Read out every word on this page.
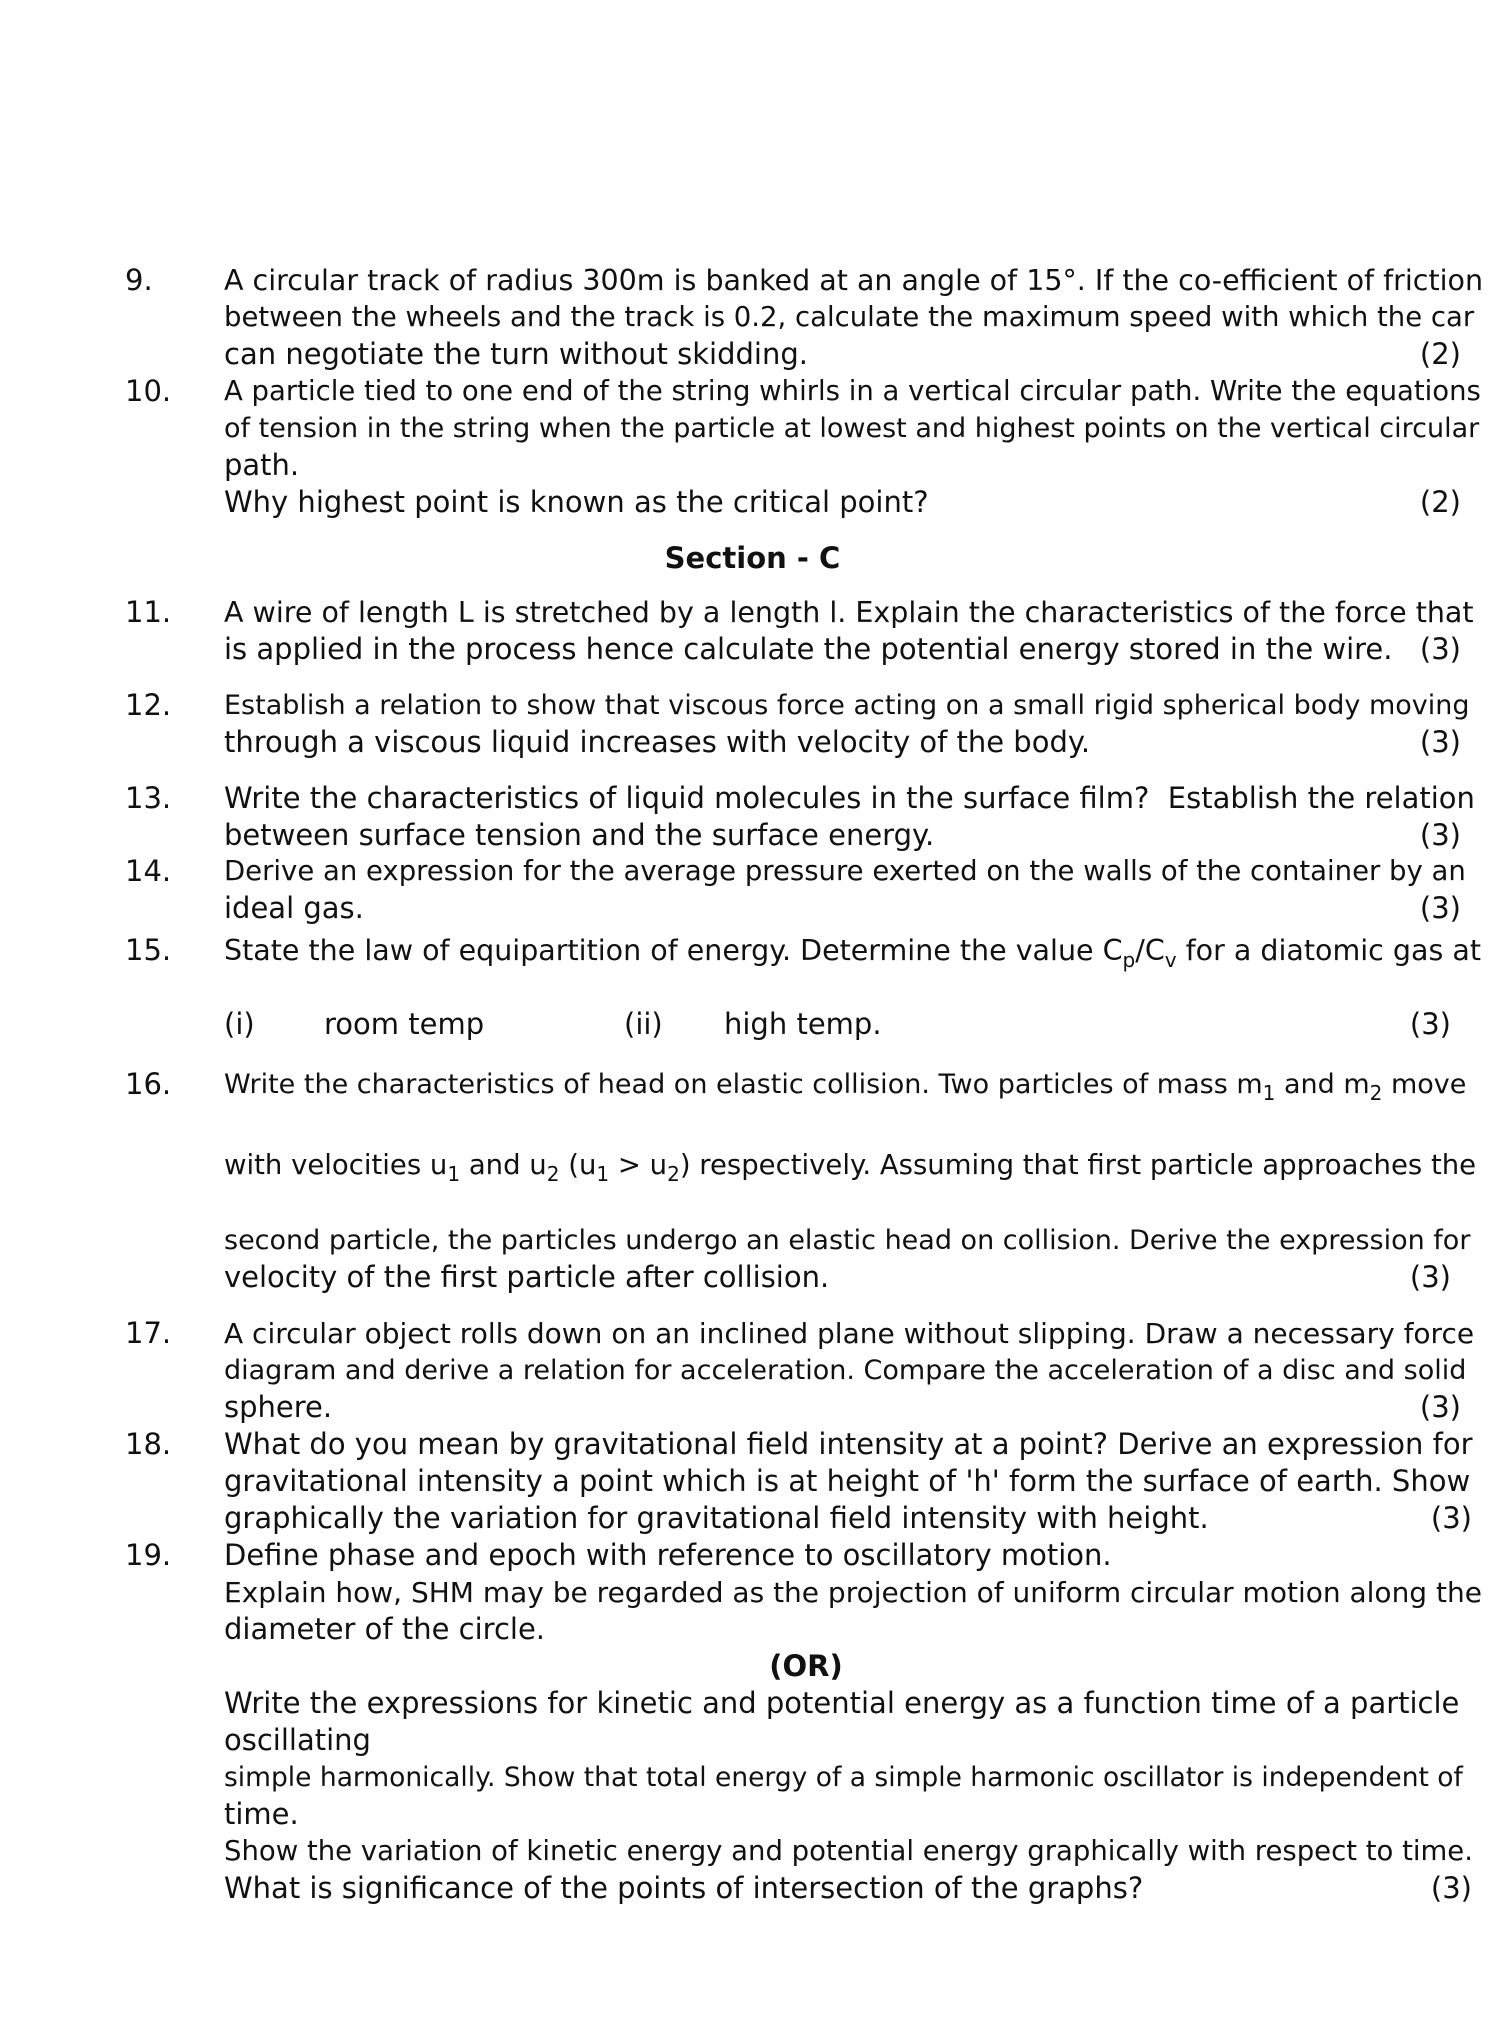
9.	A circular track of radius 300m is banked at an angle of 15°. If the co-efficient of friction
between the wheels and the track is 0.2, calculate the maximum speed with which the car
can negotiate the turn without skidding.	(2)
10. A particle tied to one end of the string whirls in a vertical circular path. Write the equations
of tension in the string when the particle at lowest and highest points on the vertical circular
path.
Why highest point is known as the critical point?	(2)
Section - C
11. A wire of length L is stretched by a length l. Explain the characteristics of the force that
is applied in the process hence calculate the potential energy stored in the wire. (3)
12. Establish a relation to show that viscous force acting on a small rigid spherical body moving
through a viscous liquid increases with velocity of the body.	(3)
13. Write the characteristics of liquid molecules in the surface film?  Establish the relation
between surface tension and the surface energy.	(3)
14. Derive an expression for the average pressure exerted on the walls of the container by an
ideal gas.	(3)
15. State the law of equipartition of energy. Determine the value $C_p/C_v$ for a diatomic gas at
(i) room temp	(ii) high temp.	(3)
16. Write the characteristics of head on elastic collision. Two particles of mass $m_1$ and $m_2$ move
with velocities $u_1$ and $u_2$ $(u_1 > u_2)$ respectively. Assuming that first particle approaches the
second particle, the particles undergo an elastic head on collision. Derive the expression for
velocity of the first particle after collision.	(3)
17. A circular object rolls down on an inclined plane without slipping. Draw a necessary force
diagram and derive a relation for acceleration. Compare the acceleration of a disc and solid
sphere.	(3)
18. What do you mean by gravitational field intensity at a point? Derive an expression for
gravitational intensity a point which is at height of 'h' form the surface of earth. Show
graphically the variation for gravitational field intensity with height.	(3)
19. Define phase and epoch with reference to oscillatory motion.
Explain how, SHM may be regarded as the projection of uniform circular motion along the
diameter of the circle.
(OR)
Write the expressions for kinetic and potential energy as a function time of a particle
oscillating
simple harmonically. Show that total energy of a simple harmonic oscillator is independent of
time.
Show the variation of kinetic energy and potential energy graphically with respect to time.
What is significance of the points of intersection of the graphs?	(3)
